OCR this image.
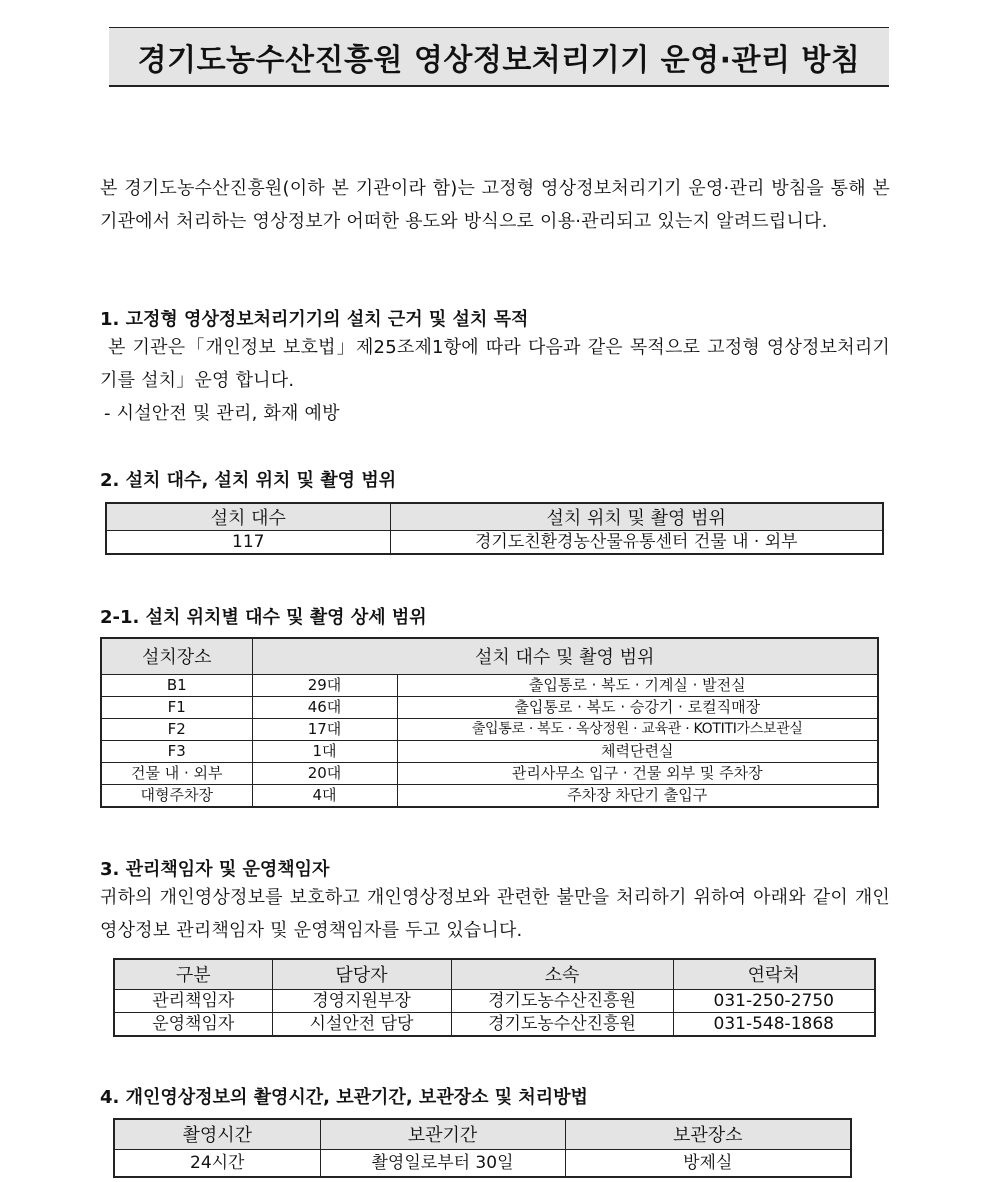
경기도농수산진흥원 영상정보처리기기 운영·관리 방침

본 경기도농수산진흥원(이하 본 기관이라 함)는 고정형 영상정보처리기기 운영·관리 방침을 통해 본 기관에서 처리하는 영상정보가 어떠한 용도와 방식으로 이용·관리되고 있는지 알려드립니다.

1. 고정형 영상정보처리기기의 설치 근거 및 설치 목적

본 기관은「개인정보 보호법」제25조제1항에 따라 다음과 같은 목적으로 고정형 영상정보처리기기를 설치」운영 합니다.

- 시설안전 및 관리, 화재 예방

2. 설치 대수, 설치 위치 및 촬영 범위
설치 대수	설치 위치 및 촬영 범위
117	경기도친환경농산물유통센터 건물 내 · 외부
2-1. 설치 위치별 대수 및 촬영 상세 범위
설치장소	설치 대수 및 촬영 범위	
B1	29대	출입통로 · 복도 · 기계실 · 발전실
F1	46대	출입통로 · 복도 · 승강기 · 로컬직매장
F2	17대	출입통로 · 복도 · 옥상정원 · 교육관 · KOTITI가스보관실
F3	1대	체력단련실
건물 내 · 외부	20대	관리사무소 입구 · 건물 외부 및 주차장
대형주차장	4대	주차장 차단기 출입구
3. 관리책임자 및 운영책임자

귀하의 개인영상정보를 보호하고 개인영상정보와 관련한 불만을 처리하기 위하여 아래와 같이 개인영상정보 관리책임자 및 운영책임자를 두고 있습니다.

구분	담당자	소속	연락처
관리책임자	경영지원부장	경기도농수산진흥원	031-250-2750
운영책임자	시설안전 담당	경기도농수산진흥원	031-548-1868
4. 개인영상정보의 촬영시간, 보관기간, 보관장소 및 처리방법
촬영시간	보관기간	보관장소
24시간	촬영일로부터 30일	방제실
